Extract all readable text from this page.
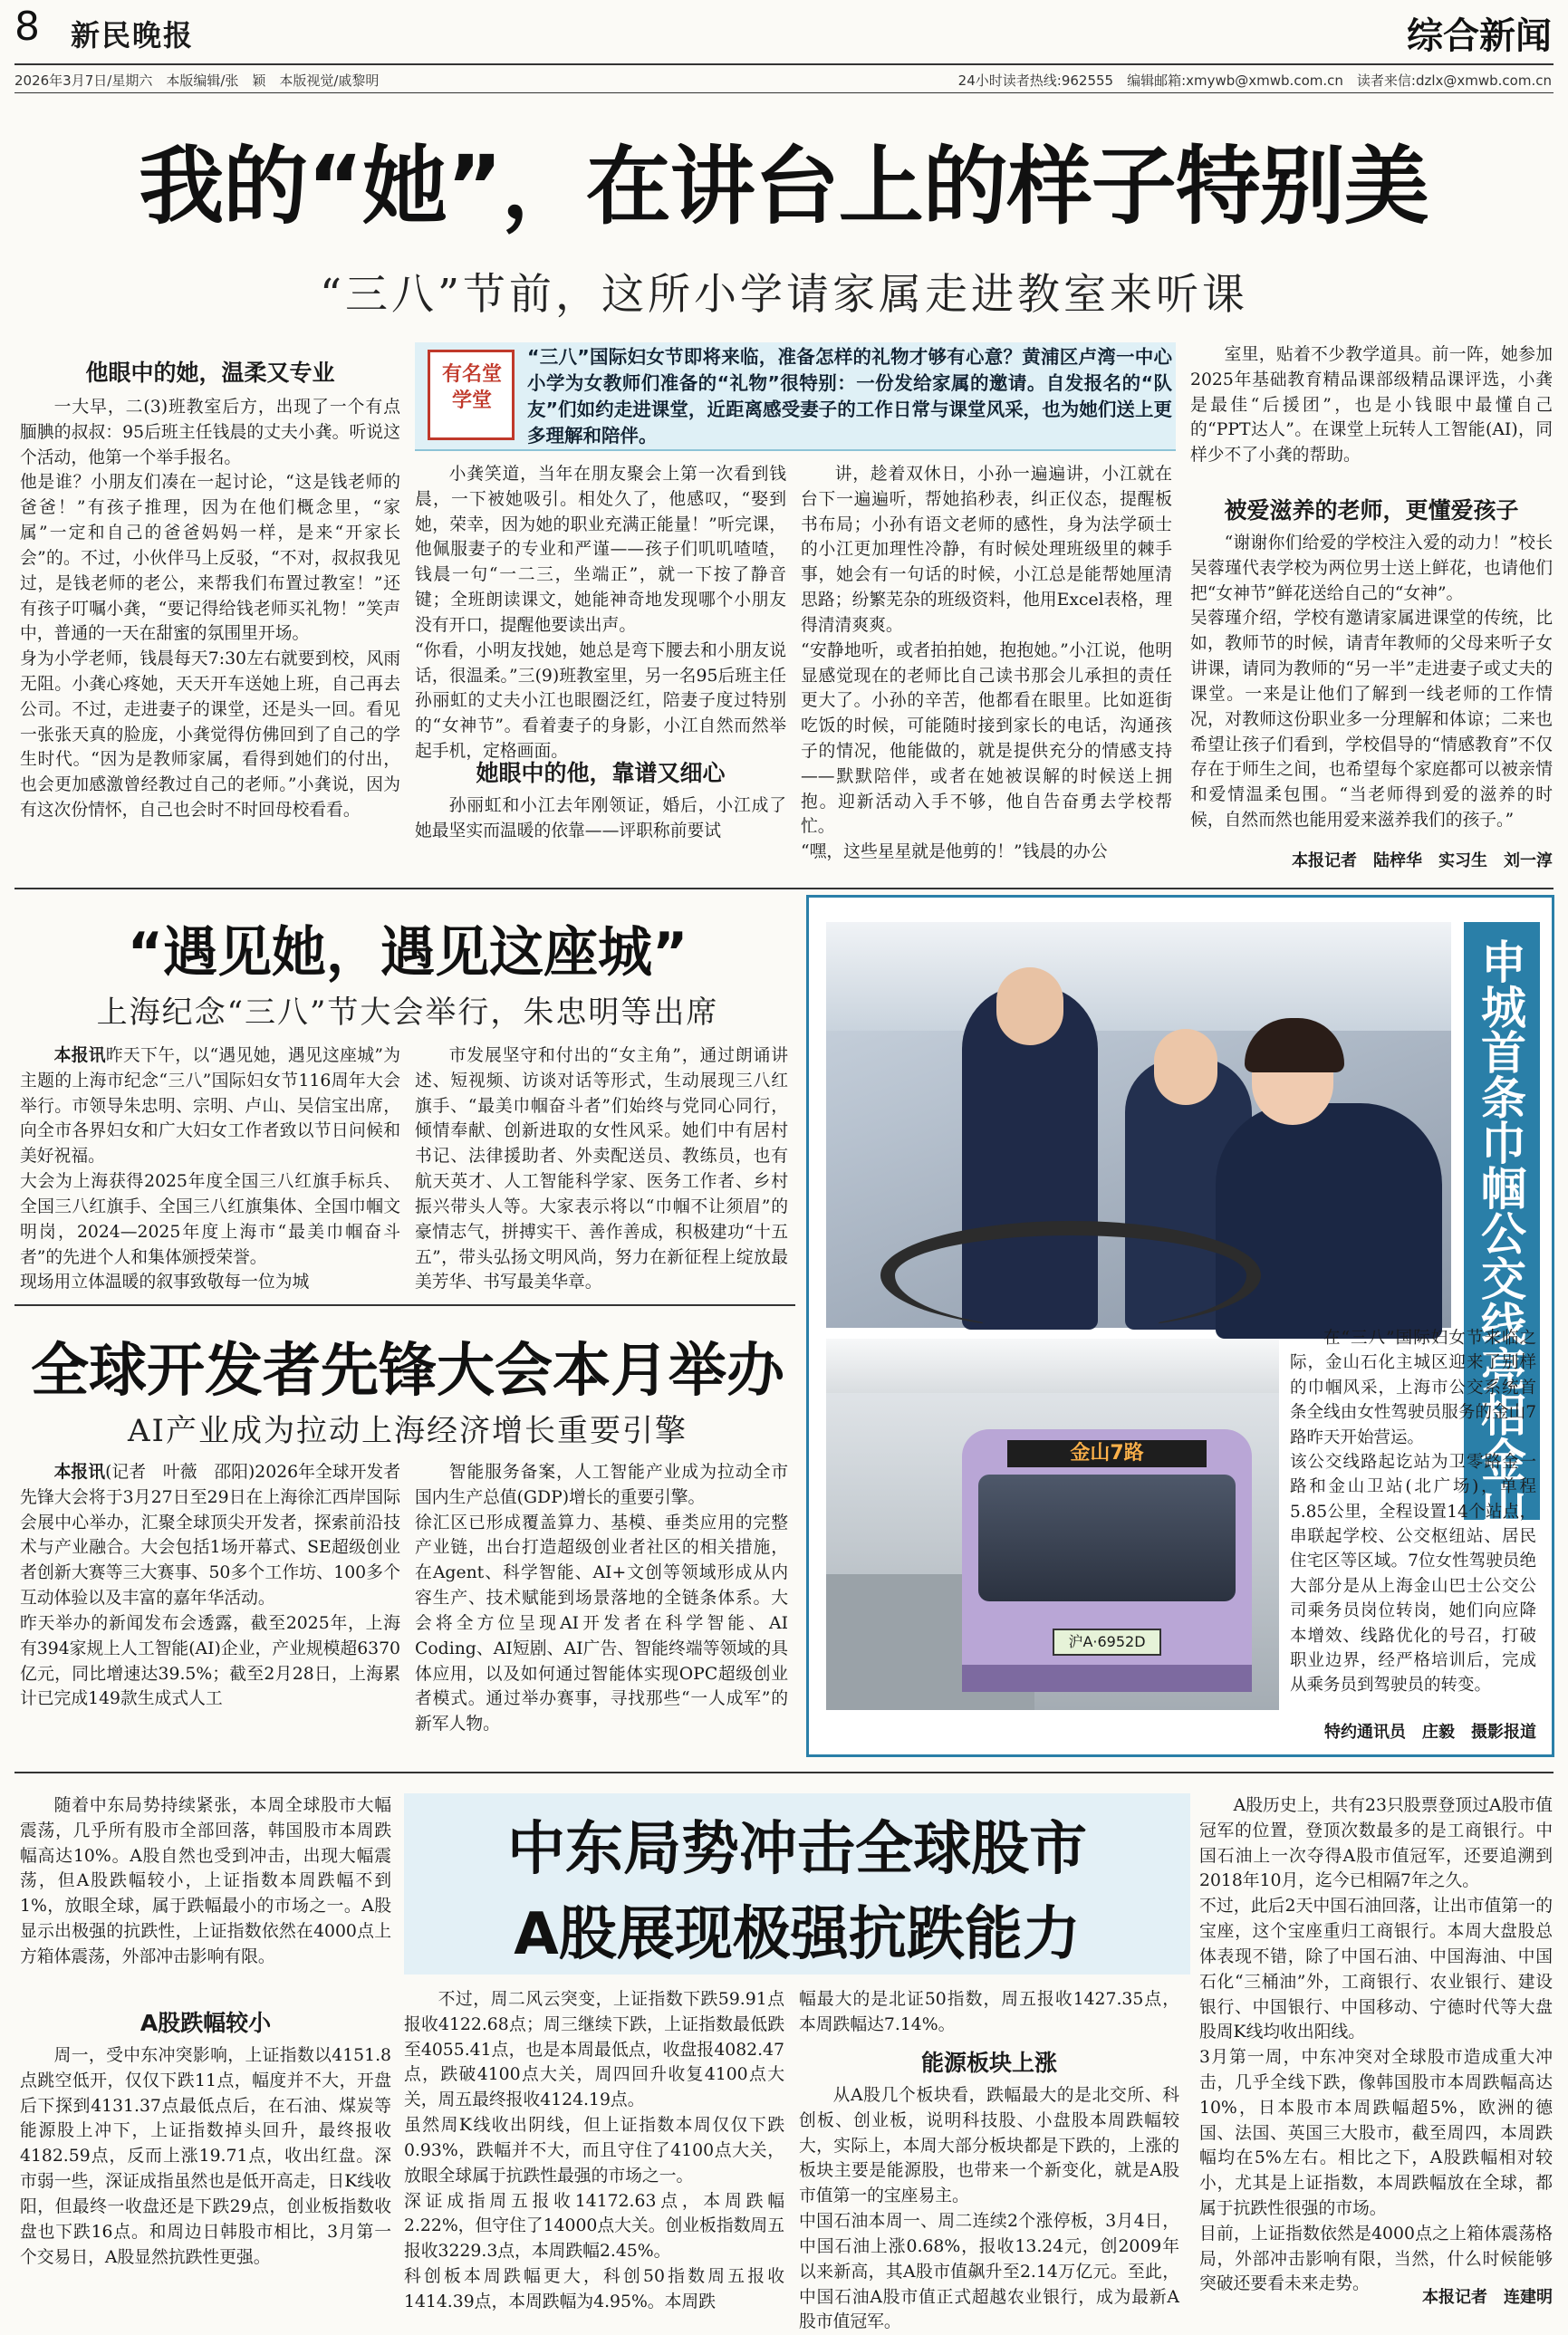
8 新民晚报	综合新闻
2026年3月7日/星期六　本版编辑/张　颖　本版视觉/戚黎明	24小时读者热线:962555　编辑邮箱:xmywb@xmwb.com.cn　读者来信:dzlx@xmwb.com.cn
我的“她”，在讲台上的样子特别美
“三八”节前，这所小学请家属走进教室来听课
他眼中的她，温柔又专业

一大早，二(3)班教室后方，出现了一个有点腼腆的叔叔：95后班主任钱晨的丈夫小龚。听说这个活动，他第一个举手报名。
他是谁？小朋友们凑在一起讨论，“这是钱老师的爸爸！”有孩子推理，因为在他们概念里，“家属”一定和自己的爸爸妈妈一样，是来“开家长会”的。不过，小伙伴马上反驳，“不对，叔叔我见过，是钱老师的老公，来帮我们布置过教室！”还有孩子叮嘱小龚，“要记得给钱老师买礼物！”笑声中，普通的一天在甜蜜的氛围里开场。
身为小学老师，钱晨每天7:30左右就要到校，风雨无阻。小龚心疼她，天天开车送她上班，自己再去公司。不过，走进妻子的课堂，还是头一回。看见一张张天真的脸庞，小龚觉得仿佛回到了自己的学生时代。“因为是教师家属，看得到她们的付出，也会更加感激曾经教过自己的老师。”小龚说，因为有这次份情怀，自己也会时不时回母校看看。

有名堂学堂
“三八”国际妇女节即将来临，准备怎样的礼物才够有心意？黄浦区卢湾一中心小学为女教师们准备的“礼物”很特别：一份发给家属的邀请。自发报名的“队友”们如约走进课堂，近距离感受妻子的工作日常与课堂风采，也为她们送上更多理解和陪伴。

小龚笑道，当年在朋友聚会上第一次看到钱晨，一下被她吸引。相处久了，他感叹，“娶到她，荣幸，因为她的职业充满正能量！”听完课，他佩服妻子的专业和严谨——孩子们叽叽喳喳，钱晨一句“一二三，坐端正”，就一下按了静音键；全班朗读课文，她能神奇地发现哪个小朋友没有开口，提醒他要读出声。
“你看，小明友找她，她总是弯下腰去和小朋友说话，很温柔。”三(9)班教室里，另一名95后班主任孙丽虹的丈夫小江也眼圈泛红，陪妻子度过特别的“女神节”。看着妻子的身影，小江自然而然举起手机，定格画面。

她眼中的他，靠谱又细心

孙丽虹和小江去年刚领证，婚后，小江成了她最坚实而温暖的依靠——评职称前要试

讲，趁着双休日，小孙一遍遍讲，小江就在台下一遍遍听，帮她掐秒表，纠正仪态，提醒板书布局；小孙有语文老师的感性，身为法学硕士的小江更加理性冷静，有时候处理班级里的棘手事，她会有一句话的时候，小江总是能帮她厘清思路；纷繁芜杂的班级资料，他用Excel表格，理得清清爽爽。
“安静地听，或者拍拍她，抱抱她。”小江说，他明显感觉现在的老师比自己读书那会儿承担的责任更大了。小孙的辛苦，他都看在眼里。比如逛街吃饭的时候，可能随时接到家长的电话，沟通孩子的情况，他能做的，就是提供充分的情感支持——默默陪伴，或者在她被误解的时候送上拥抱。迎新活动入手不够，他自告奋勇去学校帮忙。
“嘿，这些星星就是他剪的！”钱晨的办公

室里，贴着不少教学道具。前一阵，她参加2025年基础教育精品课部级精品课评选，小龚是最佳“后援团”，也是小钱眼中最懂自己的“PPT达人”。在课堂上玩转人工智能(AI)，同样少不了小龚的帮助。

被爱滋养的老师，更懂爱孩子

“谢谢你们给爱的学校注入爱的动力！”校长吴蓉瑾代表学校为两位男士送上鲜花，也请他们把“女神节”鲜花送给自己的“女神”。
吴蓉瑾介绍，学校有邀请家属进课堂的传统，比如，教师节的时候，请青年教师的父母来听子女讲课，请同为教师的“另一半”走进妻子或丈夫的课堂。一来是让他们了解到一线老师的工作情况，对教师这份职业多一分理解和体谅；二来也希望让孩子们看到，学校倡导的“情感教育”不仅存在于师生之间，也希望每个家庭都可以被亲情和爱情温柔包围。“当老师得到爱的滋养的时候，自然而然也能用爱来滋养我们的孩子。”

本报记者　陆梓华　实习生　刘一淳
“遇见她，遇见这座城”
上海纪念“三八”节大会举行，朱忠明等出席

本报讯昨天下午，以“遇见她，遇见这座城”为主题的上海市纪念“三八”国际妇女节116周年大会举行。市领导朱忠明、宗明、卢山、吴信宝出席，向全市各界妇女和广大妇女工作者致以节日问候和美好祝福。
大会为上海获得2025年度全国三八红旗手标兵、全国三八红旗手、全国三八红旗集体、全国巾帼文明岗，2024—2025年度上海市“最美巾帼奋斗者”的先进个人和集体颁授荣誉。
现场用立体温暖的叙事致敬每一位为城

市发展坚守和付出的“女主角”，通过朗诵讲述、短视频、访谈对话等形式，生动展现三八红旗手、“最美巾帼奋斗者”们始终与党同心同行，倾情奉献、创新进取的女性风采。她们中有居村书记、法律援助者、外卖配送员、教练员，也有航天英才、人工智能科学家、医务工作者、乡村振兴带头人等。大家表示将以“巾帼不让须眉”的豪情志气，拼搏实干、善作善成，积极建功“十五五”，带头弘扬文明风尚，努力在新征程上绽放最美芳华、书写最美华章。

全球开发者先锋大会本月举办
AI产业成为拉动上海经济增长重要引擎

本报讯(记者　叶薇　邵阳)2026年全球开发者先锋大会将于3月27日至29日在上海徐汇西岸国际会展中心举办，汇聚全球顶尖开发者，探索前沿技术与产业融合。大会包括1场开幕式、SE超级创业者创新大赛等三大赛事、50多个工作坊、100多个互动体验以及丰富的嘉年华活动。
昨天举办的新闻发布会透露，截至2025年，上海有394家规上人工智能(AI)企业，产业规模超6370亿元，同比增速达39.5%；截至2月28日，上海累计已完成149款生成式人工

智能服务备案，人工智能产业成为拉动全市国内生产总值(GDP)增长的重要引擎。
徐汇区已形成覆盖算力、基模、垂类应用的完整产业链，出台打造超级创业者社区的相关措施，在Agent、科学智能、AI+文创等领域形成从内容生产、技术赋能到场景落地的全链条体系。大会将全方位呈现AI开发者在科学智能、AI Coding、AI短剧、AI广告、智能终端等领域的具体应用，以及如何通过智能体实现OPC超级创业者模式。通过举办赛事，寻找那些“一人成军”的新军人物。

申城首条巾帼公交线亮相金山
金山7路
沪A·6952D

在“三八”国际妇女节来临之际，金山石化主城区迎来了别样的巾帼风采，上海市公交系统首条全线由女性驾驶员服务的金山7路昨天开始营运。
该公交线路起讫站为卫零路金一路和金山卫站(北广场)，单程5.85公里，全程设置14个站点，串联起学校、公交枢纽站、居民住宅区等区域。7位女性驾驶员绝大部分是从上海金山巴士公交公司乘务员岗位转岗，她们向应降本增效、线路优化的号召，打破职业边界，经严格培训后，完成从乘务员到驾驶员的转变。

特约通讯员　庄毅　摄影报道
中东局势冲击全球股市
A股展现极强抗跌能力

随着中东局势持续紧张，本周全球股市大幅震荡，几乎所有股市全部回落，韩国股市本周跌幅高达10%。A股自然也受到冲击，出现大幅震荡，但A股跌幅较小，上证指数本周跌幅不到1%，放眼全球，属于跌幅最小的市场之一。A股显示出极强的抗跌性，上证指数依然在4000点上方箱体震荡，外部冲击影响有限。

A股跌幅较小

周一，受中东冲突影响，上证指数以4151.8点跳空低开，仅仅下跌11点，幅度并不大，开盘后下探到4131.37点最低点后，在石油、煤炭等能源股上冲下，上证指数掉头回升，最终报收4182.59点，反而上涨19.71点，收出红盘。深市弱一些，深证成指虽然也是低开高走，日K线收阳，但最终一收盘还是下跌29点，创业板指数收盘也下跌16点。和周边日韩股市相比，3月第一个交易日，A股显然抗跌性更强。

不过，周二风云突变，上证指数下跌59.91点报收4122.68点；周三继续下跌，上证指数最低跌至4055.41点，也是本周最低点，收盘报4082.47点，跌破4100点大关，周四回升收复4100点大关，周五最终报收4124.19点。
虽然周K线收出阴线，但上证指数本周仅仅下跌0.93%，跌幅并不大，而且守住了4100点大关，放眼全球属于抗跌性最强的市场之一。
深证成指周五报收14172.63点，本周跌幅2.22%，但守住了14000点大关。创业板指数周五报收3229.3点，本周跌幅2.45%。
科创板本周跌幅更大，科创50指数周五报收1414.39点，本周跌幅为4.95%。本周跌

幅最大的是北证50指数，周五报收1427.35点，本周跌幅达7.14%。

能源板块上涨

从A股几个板块看，跌幅最大的是北交所、科创板、创业板，说明科技股、小盘股本周跌幅较大，实际上，本周大部分板块都是下跌的，上涨的板块主要是能源股，也带来一个新变化，就是A股市值第一的宝座易主。
中国石油本周一、周二连续2个涨停板，3月4日，中国石油上涨0.68%，报收13.24元，创2009年以来新高，其A股市值飙升至2.14万亿元。至此，中国石油A股市值正式超越农业银行，成为最新A股市值冠军。

A股历史上，共有23只股票登顶过A股市值冠军的位置，登顶次数最多的是工商银行。中国石油上一次夺得A股市值冠军，还要追溯到2018年10月，迄今已相隔7年之久。
不过，此后2天中国石油回落，让出市值第一的宝座，这个宝座重归工商银行。本周大盘股总体表现不错，除了中国石油、中国海油、中国石化“三桶油”外，工商银行、农业银行、建设银行、中国银行、中国移动、宁德时代等大盘股周K线均收出阳线。
3月第一周，中东冲突对全球股市造成重大冲击，几乎全线下跌，像韩国股市本周跌幅高达10%，日本股市本周跌幅超5%，欧洲的德国、法国、英国三大股市，截至周四，本周跌幅均在5%左右。相比之下，A股跌幅相对较小，尤其是上证指数，本周跌幅放在全球，都属于抗跌性很强的市场。
目前，上证指数依然是4000点之上箱体震荡格局，外部冲击影响有限，当然，什么时候能够突破还要看未来走势。

本报记者　连建明
